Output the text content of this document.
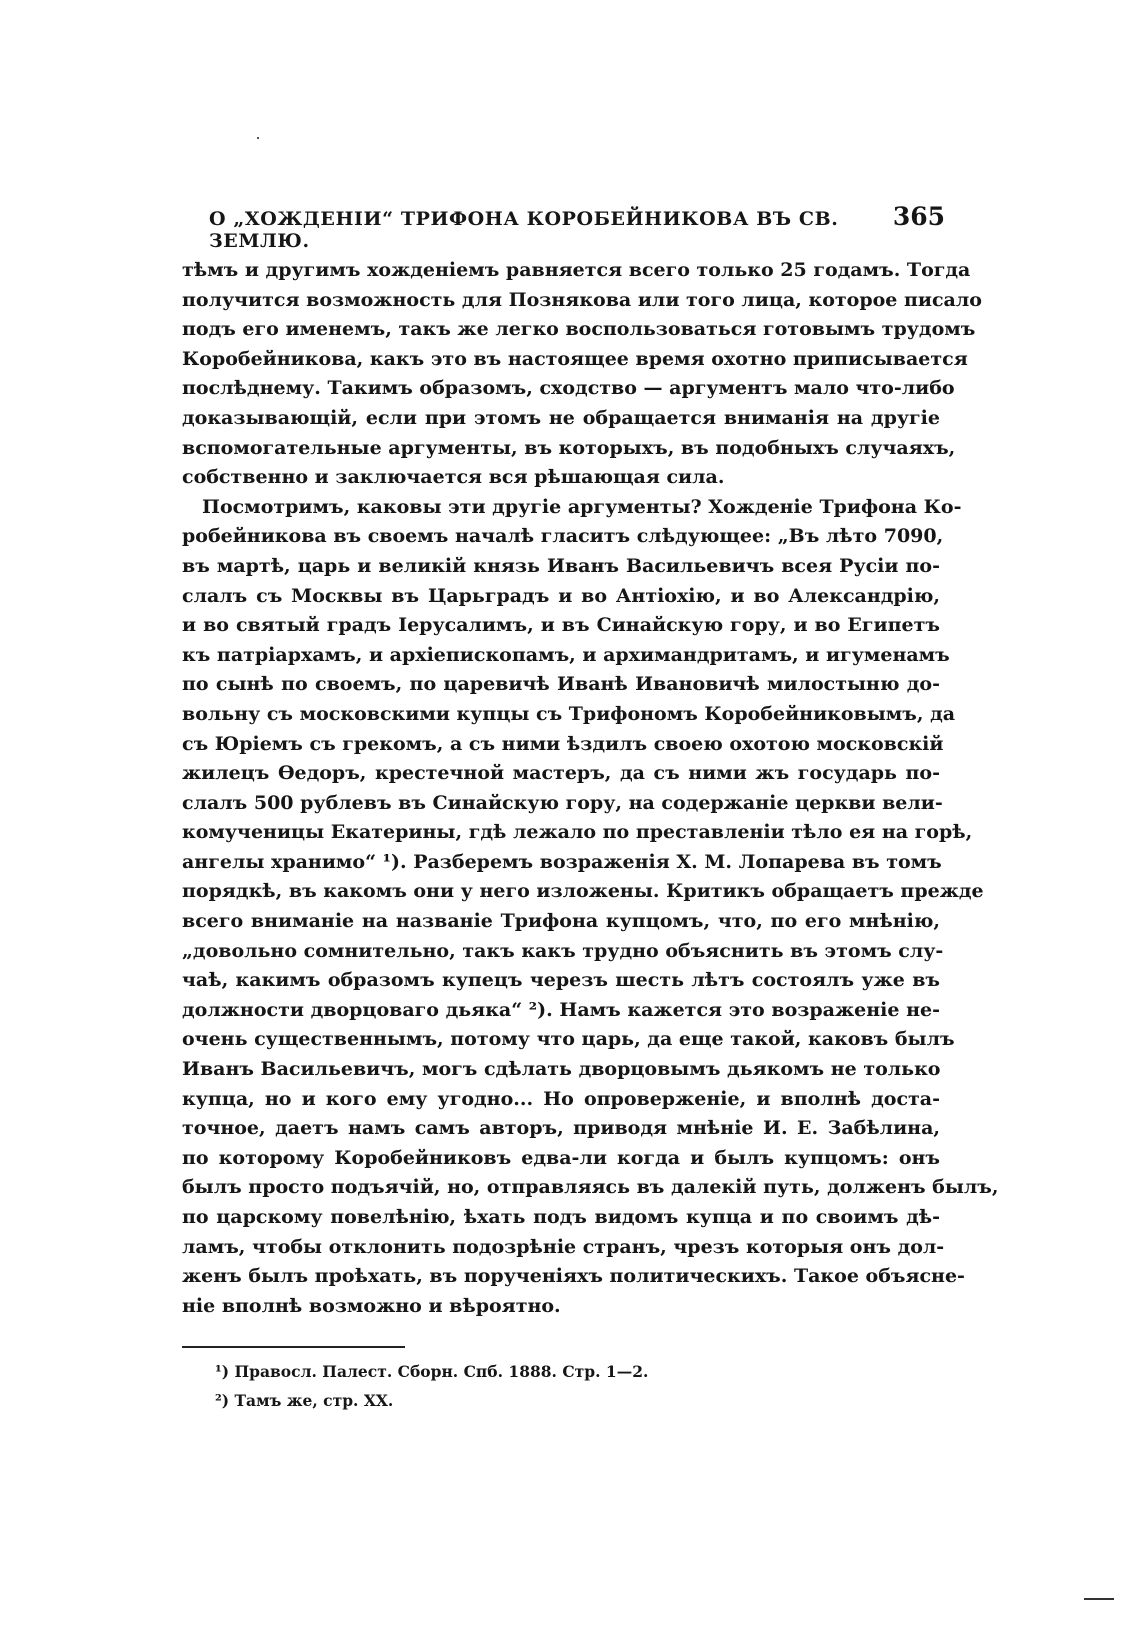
О „ХОЖДЕНІИ“ ТРИФОНА КОРОБЕЙНИКОВА ВЪ СВ. ЗЕМЛЮ.
365
тѣмъ и другимъ хожденіемъ равняется всего только 25 годамъ. Тогда
получится возможность для Познякова или того лица, которое писало
подъ его именемъ, такъ же легко воспользоваться готовымъ трудомъ
Коробейникова, какъ это въ настоящее время охотно приписывается
послѣднему. Такимъ образомъ, сходство — аргументъ мало что-либо
доказывающій, если при этомъ не обращается вниманія на другіе
вспомогательные аргументы, въ которыхъ, въ подобныхъ случаяхъ,
собственно и заключается вся рѣшающая сила.
Посмотримъ, каковы эти другіе аргументы? Хожденіе Трифона Ко-
робейникова въ своемъ началѣ гласитъ слѣдующее: „Въ лѣто 7090,
въ мартѣ, царь и великій князь Иванъ Васильевичъ всея Русіи по-
слалъ съ Москвы въ Царьградъ и во Антіохію, и во Александрію,
и во святый градъ Іерусалимъ, и въ Синайскую гору, и во Египетъ
къ патріархамъ, и архіепископамъ, и архимандритамъ, и игуменамъ
по сынѣ по своемъ, по царевичѣ Иванѣ Ивановичѣ милостыню до-
вольну съ московскими купцы съ Трифономъ Коробейниковымъ, да
съ Юріемъ съ грекомъ, а съ ними ѣздилъ своею охотою московскій
жилецъ Ѳедоръ, крестечной мастеръ, да съ ними жъ государь по-
слалъ 500 рублевъ въ Синайскую гору, на содержаніе церкви вели-
комученицы Екатерины, гдѣ лежало по преставленіи тѣло ея на горѣ,
ангелы хранимо“ ¹). Разберемъ возраженія Х. М. Лопарева въ томъ
порядкѣ, въ какомъ они у него изложены. Критикъ обращаетъ прежде
всего вниманіе на названіе Трифона купцомъ, что, по его мнѣнію,
„довольно сомнительно, такъ какъ трудно объяснить въ этомъ слу-
чаѣ, какимъ образомъ купецъ черезъ шесть лѣтъ состоялъ уже въ
должности дворцоваго дьяка“ ²). Намъ кажется это возраженіе не-
очень существеннымъ, потому что царь, да еще такой, каковъ былъ
Иванъ Васильевичъ, могъ сдѣлать дворцовымъ дьякомъ не только
купца, но и кого ему угодно... Но опроверженіе, и вполнѣ доста-
точное, даетъ намъ самъ авторъ, приводя мнѣніе И. Е. Забѣлина,
по которому Коробейниковъ едва-ли когда и былъ купцомъ: онъ
былъ просто подъячій, но, отправляясь въ далекій путь, долженъ былъ,
по царскому повелѣнію, ѣхать подъ видомъ купца и по своимъ дѣ-
ламъ, чтобы отклонить подозрѣніе странъ, чрезъ которыя онъ дол-
женъ былъ проѣхать, въ порученіяхъ политическихъ. Такое объясне-
ніе вполнѣ возможно и вѣроятно.
¹) Правосл. Палест. Сборн. Спб. 1888. Стр. 1—2.
²) Тамъ же, стр. XX.
